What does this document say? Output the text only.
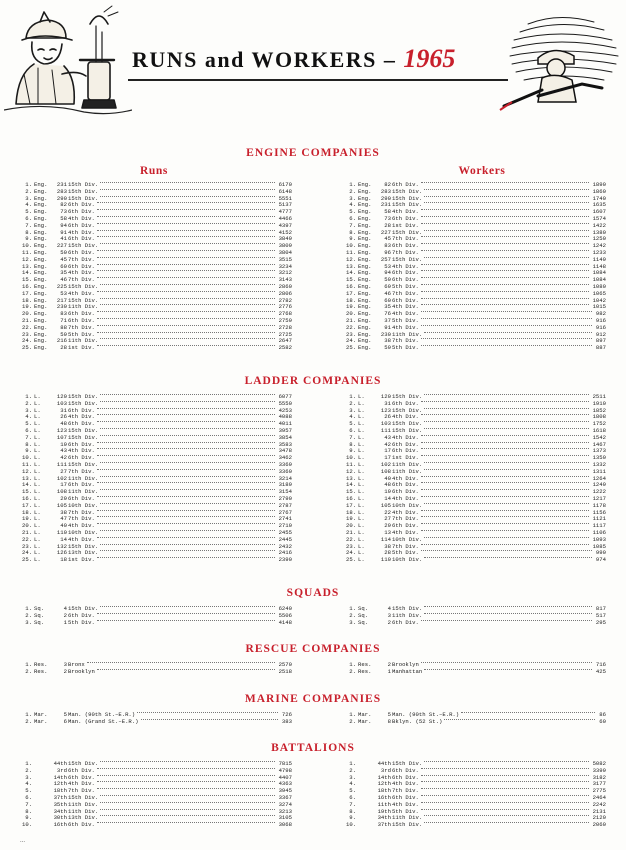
RUNS and WORKERS – 1965
ENGINE COMPANIES
Runs	Workers
1. Eng.	231 15th Div.	6170
2. Eng.	283 15th Div.	6148
3. Eng.	290 15th Div.	5551
4. Eng.	82 6th Div.	5137
5. Eng.	73 6th Div.	4777
6. Eng.	58 4th Div.	4466
7. Eng.	94 6th Div.	4397
8. Eng.	91 4th Div.	4152
9. Eng.	41 6th Div.	3849
10. Eng.	227 15th Div.	3809
11. Eng.	50 6th Div.	3804
12. Eng.	45 7th Div.	3515
13. Eng.	60 6th Div.	3234
14. Eng.	35 4th Div.	3212
15. Eng.	46 7th Div.	3143
16. Eng.	225 15th Div.	2860
17. Eng.	53 4th Div.	2806
18. Eng.	217 15th Div.	2782
19. Eng.	230 11th Div.	2776
20. Eng.	83 6th Div.	2768
21. Eng.	71 6th Div.	2759
22. Eng.	88 7th Div.	2728
23. Eng.	59 5th Div.	2725
24. Eng.	216 11th Div.	2647
25. Eng.	28 1st Div.	2582
1. Eng.	82 6th Div.	1890
2. Eng.	283 15th Div.	1860
3. Eng.	290 15th Div.	1740
4. Eng.	231 15th Div.	1635
5. Eng.	58 4th Div.	1607
6. Eng.	73 6th Div.	1574
7. Eng.	28 1st Div.	1422
8. Eng.	227 15th Div.	1380
9. Eng.	45 7th Div.	1250
10. Eng.	83 6th Div.	1242
11. Eng.	96 7th Div.	1233
12. Eng.	257 15th Div.	1149
13. Eng.	53 4th Div.	1148
14. Eng.	94 6th Div.	1084
15. Eng.	50 6th Div.	1084
16. Eng.	69 5th Div.	1080
17. Eng.	46 7th Div.	1065
18. Eng.	60 6th Div.	1042
19. Eng.	35 4th Div.	1015
20. Eng.	76 4th Div.	982
21. Eng.	37 5th Div.	916
22. Eng.	91 4th Div.	916
23. Eng.	230 11th Div.	912
24. Eng.	38 7th Div.	897
25. Eng.	59 5th Div.	887
LADDER COMPANIES
1. L.	120 15th Div.	6077
2. L.	103 15th Div.	5550
3. L.	31 6th Div.	4253
4. L.	26 4th Div.	4088
5. L.	48 6th Div.	4011
6. L.	123 15th Div.	3957
7. L.	107 15th Div.	3854
8. L.	19 6th Div.	3583
9. L.	43 4th Div.	3478
10. L.	42 6th Div.	3462
11. L.	111 15th Div.	3369
12. L.	27 7th Div.	3360
13. L.	102 11th Div.	3214
14. L.	17 6th Div.	3189
15. L.	108 11th Div.	3154
16. L.	29 6th Div.	2790
17. L.	105 10th Div.	2787
18. L.	38 7th Div.	2767
19. L.	47 7th Div.	2741
20. L.	40 4th Div.	2710
21. L.	110 10th Div.	2455
22. L.	14 4th Div.	2445
23. L.	132 15th Div.	2432
24. L.	126 13th Div.	2416
25. L.	18 1st Div.	2390
1. L.	120 15th Div.	2511
2. L.	31 6th Div.	1910
3. L.	123 15th Div.	1852
4. L.	26 4th Div.	1808
5. L.	103 15th Div.	1752
6. L.	111 15th Div.	1618
7. L.	43 4th Div.	1542
8. L.	42 6th Div.	1467
9. L.	17 6th Div.	1373
10. L.	17 1st Div.	1350
11. L.	102 11th Div.	1332
12. L.	108 11th Div.	1311
13. L.	40 4th Div.	1264
14. L.	48 6th Div.	1249
15. L.	19 6th Div.	1222
16. L.	14 4th Div.	1217
17. L.	105 10th Div.	1178
18. L.	22 4th Div.	1156
19. L.	27 7th Div.	1121
20. L.	29 6th Div.	1117
21. L.	13 4th Div.	1106
22. L.	114 10th Div.	1093
23. L.	38 7th Div.	1085
24. L.	28 5th Div.	990
25. L.	110 10th Div.	974
SQUADS
1. Sq.	4 15th Div.	6240
2. Sq.	2 6th Div.	5506
3. Sq.	1 5th Div.	4148
1. Sq.	4 15th Div.	817
2. Sq.	3 11th Div.	517
3. Sq.	2 6th Div.	295
RESCUE COMPANIES
1. Res.	3 Bronx	2570
2. Res.	2 Brooklyn	2518
1. Res.	2 Brooklyn	716
2. Res.	1 Manhattan	425
MARINE COMPANIES
1. Mar.	5 Man. (90th St.–E.R.)	726
2. Mar.	6 Man. (Grand St.–E.R.)	383
1. Mar.	5 Man. (90th St.–E.R.)	86
2. Mar.	8 Bklyn. (52 St.)	60
BATTALIONS
1.	44th 15th Div.	7815
2.	3rd 6th Div.	4798
3.	14th 6th Div.	4407
4.	12th 4th Div.	4363
5.	18th 7th Div.	3945
6.	37th 15th Div.	3367
7.	35th 11th Div.	3274
8.	34th 11th Div.	3213
9.	30th 13th Div.	3105
10.	16th 6th Div.	3068
1.	44th 15th Div.	5082
2.	3rd 6th Div.	3399
3.	14th 6th Div.	3182
4.	12th 4th Div.	3177
5.	18th 7th Div.	2775
6.	16th 6th Div.	2464
7.	11th 4th Div.	2242
8.	19th 5th Div.	2131
9.	34th 11th Div.	2120
10.	37th 15th Div.	2060
...
